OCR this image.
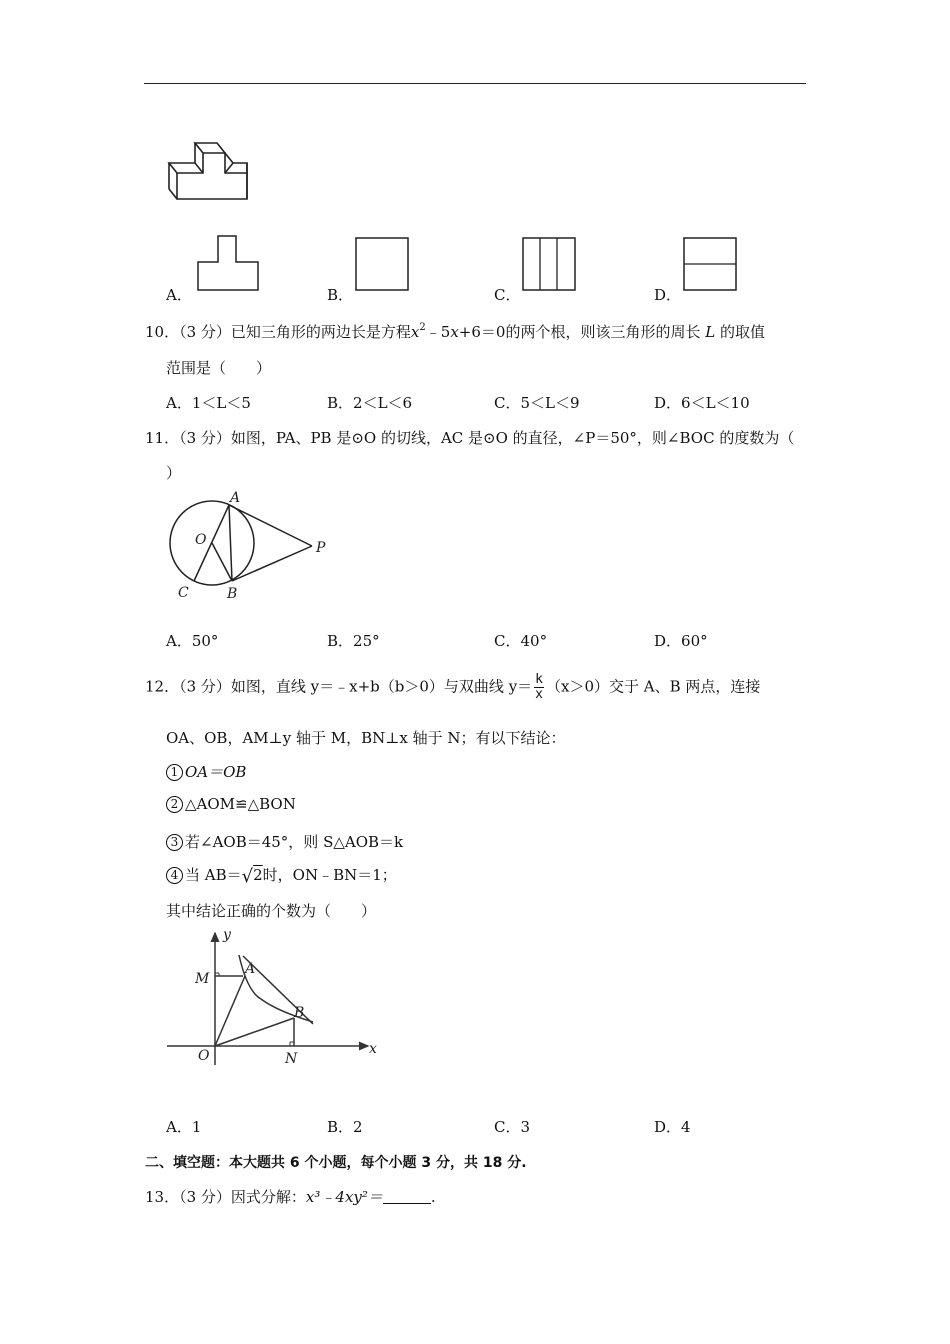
A．	B．	C．	D．
10．（3 分）已知三角形的两边长是方程$x^2﹣5x+6=0$的两个根，则该三角形的周长 L 的取值
范围是（　　）
A．1＜L＜5	B．2＜L＜6	C．5＜L＜9	D．6＜L＜10
11．（3 分）如图，PA、PB 是⊙O 的切线，AC 是⊙O 的直径，∠P＝50°，则∠BOC 的度数为（
）
A
O	P
C	B
A．50°	B．25°	C．40°	D．60°
12．（3 分）如图，直线 y＝﹣x+b（b＞0）与双曲线 $y= \frac{k}{x} (x>0)$交于 A、B 两点，连接
OA、OB，AM⊥y 轴于 M，BN⊥x 轴于 N；有以下结论：
1 OA＝OB
2 △AOM≌△BON
3 若∠AOB＝45°，则 S△AOB＝k
4 当 AB＝√2时，ON﹣BN＝1；
其中结论正确的个数为（　　）
y
x
M
A
B
O	N
A．1	B．2	C．3	D．4
二、填空题：本大题共 6 个小题，每个小题 3 分，共 18 分.
13．（3 分）因式分解：x³﹣4xy²＝	.
